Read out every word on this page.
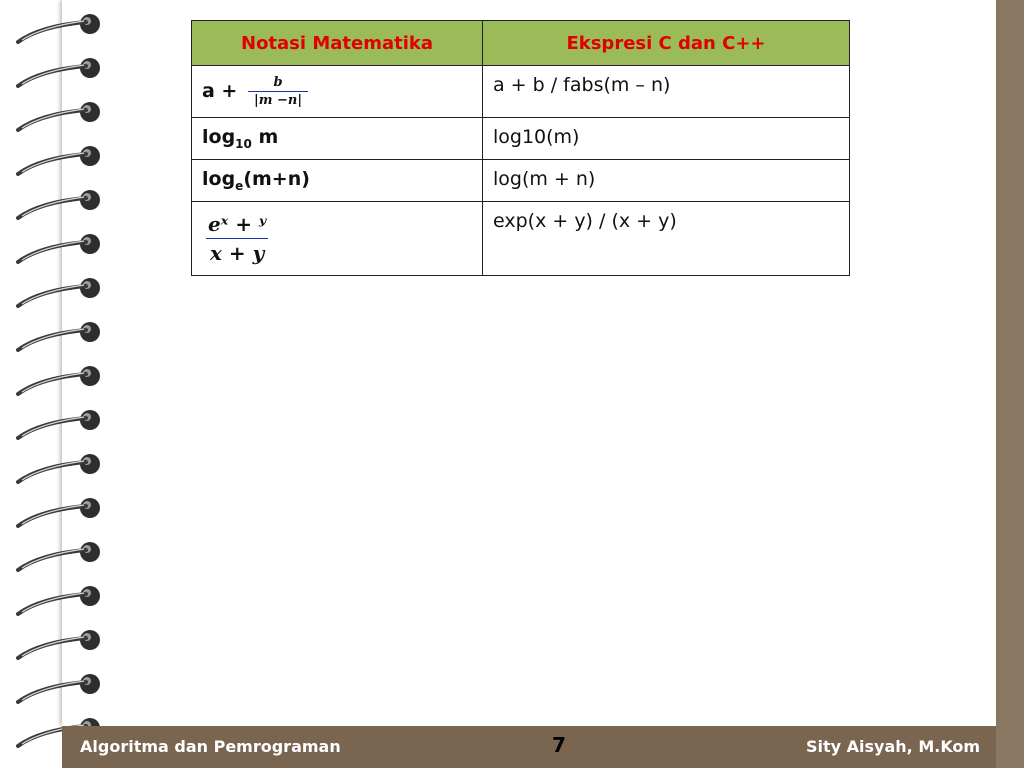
Notasi Matematika	Ekspresi C dan C++
$a + \frac{b}{|m -n|}$	a + b / fabs(m – n)
$\log_{10} m$	log10(m)
$\log_e(m+n)$	log(m + n)

$\frac{\text{eˣ + ʸ}}{x + y}$	exp(x + y) / (x + y)
Algoritma dan Pemrograman	7	Sity Aisyah, M.Kom
